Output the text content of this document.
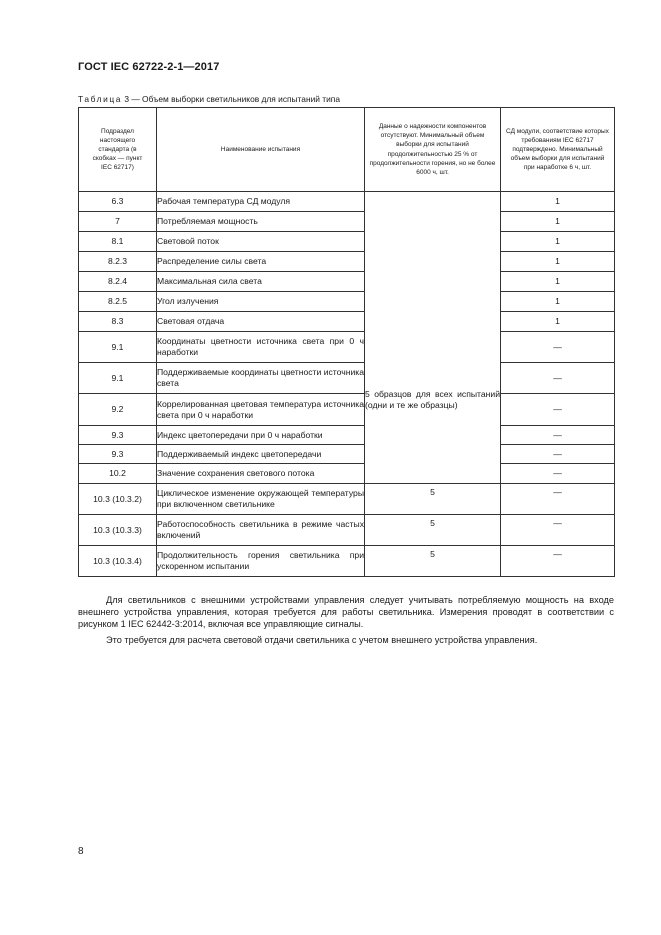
ГОСТ IEC 62722-2-1—2017
Таблица 3 — Объем выборки светильников для испытаний типа
Подраздел настоящего стандарта (в скобках — пункт IEC 62717)	Наименование испытания	Данные о надежности компонентов отсутствуют. Минимальный объем выборки для испытаний продолжительностью 25 % от продолжительности горения, но не более 6000 ч, шт.	СД модули, соответствие которых требованиям IEC 62717 подтверждено. Минимальный объем выборки для испытаний при наработке 6 ч, шт.
6.3	Рабочая температура СД модуля	5 образцов для всех испытаний (одни и те же образцы)	1
7	Потребляемая мощность		1
8.1	Световой поток		1
8.2.3	Распределение силы света		1
8.2.4	Максимальная сила света		1
8.2.5	Угол излучения		1
8.3	Световая отдача		1
9.1	Координаты цветности источника света при 0 ч наработки		—
9.1	Поддерживаемые координаты цветности источника света		—
9.2	Коррелированная цветовая температура источника света при 0 ч наработки		—
9.3	Индекс цветопередачи при 0 ч наработки		—
9.3	Поддерживаемый индекс цветопередачи		—
10.2	Значение сохранения светового потока		—
10.3 (10.3.2)	Циклическое изменение окружающей температуры при включенном светильнике	5	—
10.3 (10.3.3)	Работоспособность светильника в режиме частых включений	5	—
10.3 (10.3.4)	Продолжительность горения светильника при ускоренном испытании	5	—
Для светильников с внешними устройствами управления следует учитывать потребляемую мощность на входе внешнего устройства управления, которая требуется для работы светильника. Измерения проводят в соответствии с рисунком 1 IEC 62442-3:2014, включая все управляющие сигналы.
Это требуется для расчета световой отдачи светильника с учетом внешнего устройства управления.
8
